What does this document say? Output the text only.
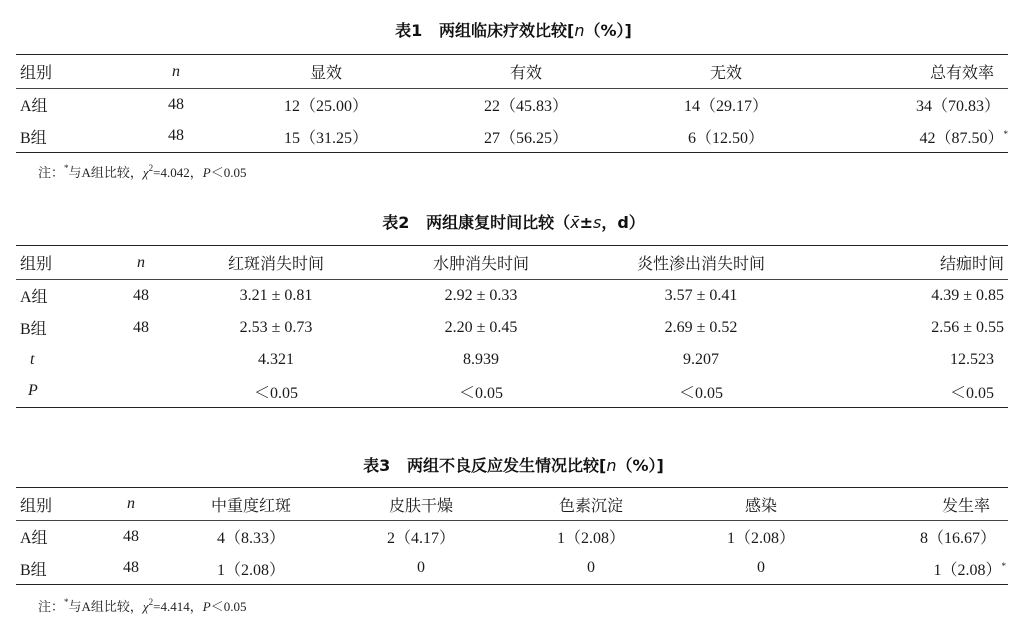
表1 两组临床疗效比较[n（%）]
组别	n	显效	有效	无效	总有效率
A组	48	12（25.00）	22（45.83）	14（29.17）	34（70.83）
B组	48	15（31.25）	27（56.25）	6（12.50）	42（87.50）*
注：*与A组比较，$\chi^2=4.042$，P＜0.05
表2 两组康复时间比较（x̄±s，d）
组别	n	红斑消失时间	水肿消失时间	炎性渗出消失时间	结痂时间
A组	48	3.21 ± 0.81	2.92 ± 0.33	3.57 ± 0.41	4.39 ± 0.85
B组	48	2.53 ± 0.73	2.20 ± 0.45	2.69 ± 0.52	2.56 ± 0.55
t		4.321	8.939	9.207	12.523
P		＜0.05	＜0.05	＜0.05	＜0.05
表3 两组不良反应发生情况比较[n（%）]
组别	n	中重度红斑	皮肤干燥	色素沉淀	感染	发生率
A组	48	4（8.33）	2（4.17）	1（2.08）	1（2.08）	8（16.67）
B组	48	1（2.08）	0	0	0	1（2.08）*
注：*与A组比较，$\chi^2=4.414$，P＜0.05
